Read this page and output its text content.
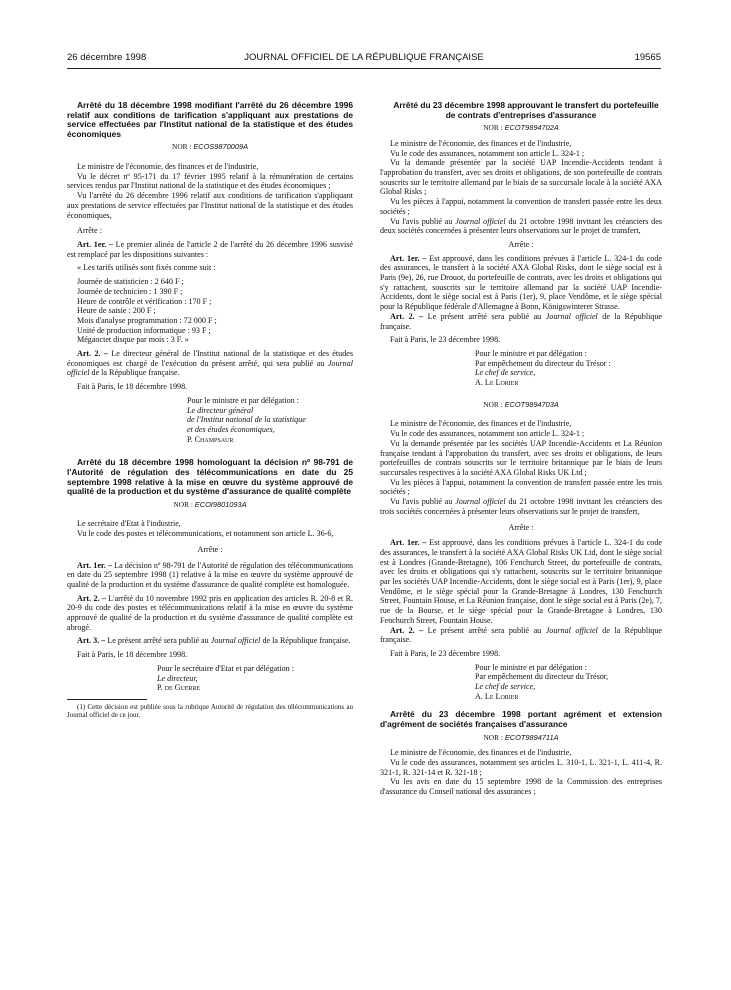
26 décembre 1998	JOURNAL OFFICIEL DE LA RÉPUBLIQUE FRANÇAISE	19565

Arrêté du 18 décembre 1998 modifiant l'arrêté du 26 décembre 1996 relatif aux conditions de tarification s'appliquant aux prestations de service effectuées par l'Institut national de la statistique et des études économiques

NOR : ECOS9870009A

Le ministre de l'économie, des finances et de l'industrie,

Vu le décret nº 95-171 du 17 février 1995 relatif à la rémunération de certains services rendus par l'Institut national de la statistique et des études économiques ;

Vu l'arrêté du 26 décembre 1996 relatif aux conditions de tarification s'appliquant aux prestations de service effectuées par l'Institut national de la statistique et des études économiques,

Arrête :

Art. 1er. – Le premier alinéa de l'article 2 de l'arrêté du 26 décembre 1996 susvisé est remplacé par les dispositions suivantes :

« Les tarifs utilisés sont fixés comme suit :

Journée de statisticien : 2 640 F ;

Journée de technicien : 1 390 F ;

Heure de contrôle et vérification : 170 F ;

Heure de saisie : 200 F ;

Mois d'analyse programmation : 72 000 F ;

Unité de production informatique : 93 F ;

Mégaoctet disque par mois : 3 F. »

Art. 2. – Le directeur général de l'Institut national de la statistique et des études économiques est chargé de l'exécution du présent arrêté, qui sera publié au Journal officiel de la République française.

Fait à Paris, le 18 décembre 1998.

Pour le ministre et par délégation :

Le directeur général

de l'Institut national de la statistique

et des études économiques,

P. Champsaur

Arrêté du 18 décembre 1998 homologuant la décision nº 98-791 de l'Autorité de régulation des télécommunications en date du 25 septembre 1998 relative à la mise en œuvre du système approuvé de qualité de la production et du système d'assurance de qualité complète

NOR : ECOI9801093A

Le secrétaire d'Etat à l'industrie,

Vu le code des postes et télécommunications, et notamment son article L. 36-6,

Arrête :

Art. 1er. – La décision nº 98-791 de l'Autorité de régulation des télécommunications en date du 25 septembre 1998 (1) relative à la mise en œuvre du système approuvé de qualité de la production et du système d'assurance de qualité complète est homologuée.

Art. 2. – L'arrêté du 10 novembre 1992 pris en application des articles R. 20-8 et R. 20-9 du code des postes et télécommunications relatif à la mise en œuvre du système approuvé de qualité de la production et du système d'assurance de qualité complète est abrogé.

Art. 3. – Le présent arrêté sera publié au Journal officiel de la République française.

Fait à Paris, le 18 décembre 1998.

Pour le secrétaire d'Etat et par délégation :

Le directeur,

P. de Guerre

(1) Cette décision est publiée sous la rubrique Autorité de régulation des télécommunications au Journal officiel de ce jour.

Arrêté du 23 décembre 1998 approuvant le transfert du portefeuille de contrats d'entreprises d'assurance

NOR : ECOT9894702A

Le ministre de l'économie, des finances et de l'industrie,

Vu le code des assurances, notamment son article L. 324-1 ;

Vu la demande présentée par la société UAP Incendie-Accidents tendant à l'approbation du transfert, avec ses droits et obligations, de son portefeuille de contrats souscrits sur le territoire allemand par le biais de sa succursale locale à la société AXA Global Risks ;

Vu les pièces à l'appui, notamment la convention de transfert passée entre les deux sociétés ;

Vu l'avis publié au Journal officiel du 21 octobre 1998 invitant les créanciers des deux sociétés concernées à présenter leurs observations sur le projet de transfert,

Arrête :

Art. 1er. – Est approuvé, dans les conditions prévues à l'article L. 324-1 du code des assurances, le transfert à la société AXA Global Risks, dont le siège social est à Paris (9e), 26, rue Drouot, du portefeuille de contrats, avec les droits et obligations qui s'y rattachent, souscrits sur le territoire allemand par la société UAP Incendie-Accidents, dont le siège social est à Paris (1er), 9, place Vendôme, et le siège spécial pour la République fédérale d'Allemagne à Bonn, Königswinterer Strasse.

Art. 2. – Le présent arrêté sera publié au Journal officiel de la République française.

Fait à Paris, le 23 décembre 1998.

Pour le ministre et par délégation :

Par empêchement du directeur du Trésor :

Le chef de service,

A. Le Lorier

NOR : ECOT9894703A

Le ministre de l'économie, des finances et de l'industrie,

Vu le code des assurances, notamment son article L. 324-1 ;

Vu la demande présentée par les sociétés UAP Incendie-Accidents et La Réunion française tendant à l'approbation du transfert, avec ses droits et obligations, de leurs portefeuilles de contrats souscrits sur le territoire britannique par le biais de leurs succursales respectives à la société AXA Global Risks UK Ltd ;

Vu les pièces à l'appui, notamment la convention de transfert passée entre les trois sociétés ;

Vu l'avis publié au Journal officiel du 21 octobre 1998 invitant les créanciers des trois sociétés concernées à présenter leurs observations sur le projet de transfert,

Arrête :

Art. 1er. – Est approuvé, dans les conditions prévues à l'article L. 324-1 du code des assurances, le transfert à la société AXA Global Risks UK Ltd, dont le siège social est à Londres (Grande-Bretagne), 106 Fenchurch Street, du portefeuille de contrats, avec les droits et obligations qui s'y rattachent, souscrits sur le territoire britannique par les sociétés UAP Incendie-Accidents, dont le siège social est à Paris (1er), 9, place Vendôme, et le siège spécial pour la Grande-Bretagne à Londres, 130 Fenchurch Street, Fountain House, et La Réunion française, dont le siège social est à Paris (2e), 7, rue de la Bourse, et le siège spécial pour la Grande-Bretagne à Londres, 130 Fenchurch Street, Fountain House.

Art. 2. – Le présent arrêté sera publié au Journal officiel de la République française.

Fait à Paris, le 23 décembre 1998.

Pour le ministre et par délégation :

Par empêchement du directeur du Trésor,

Le chef de service,

A. Le Lorier

Arrêté du 23 décembre 1998 portant agrément et extension d'agrément de sociétés françaises d'assurance

NOR : ECOT9894711A

Le ministre de l'économie, des finances et de l'industrie,

Vu le code des assurances, notamment ses articles L. 310-1, L. 321-1, L. 411-4, R. 321-1, R. 321-14 et R. 321-18 ;

Vu les avis en date du 15 septembre 1998 de la Commission des entreprises d'assurance du Conseil national des assurances ;
